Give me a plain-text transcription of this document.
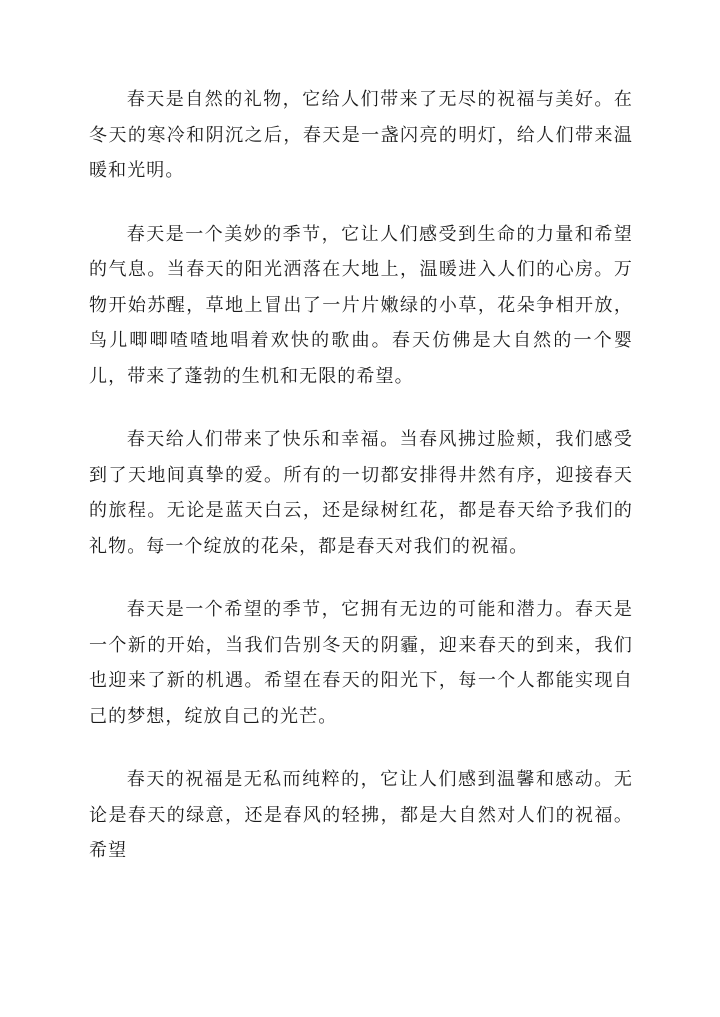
春天是自然的礼物，它给人们带来了无尽的祝福与美好。在冬天的寒冷和阴沉之后，春天是一盏闪亮的明灯，给人们带来温暖和光明。

春天是一个美妙的季节，它让人们感受到生命的力量和希望的气息。当春天的阳光洒落在大地上，温暖进入人们的心房。万物开始苏醒，草地上冒出了一片片嫩绿的小草，花朵争相开放，鸟儿唧唧喳喳地唱着欢快的歌曲。春天仿佛是大自然的一个婴儿，带来了蓬勃的生机和无限的希望。

春天给人们带来了快乐和幸福。当春风拂过脸颊，我们感受到了天地间真挚的爱。所有的一切都安排得井然有序，迎接春天的旅程。无论是蓝天白云，还是绿树红花，都是春天给予我们的礼物。每一个绽放的花朵，都是春天对我们的祝福。

春天是一个希望的季节，它拥有无边的可能和潜力。春天是一个新的开始，当我们告别冬天的阴霾，迎来春天的到来，我们也迎来了新的机遇。希望在春天的阳光下，每一个人都能实现自己的梦想，绽放自己的光芒。

春天的祝福是无私而纯粹的，它让人们感到温馨和感动。无论是春天的绿意，还是春风的轻拂，都是大自然对人们的祝福。希望
